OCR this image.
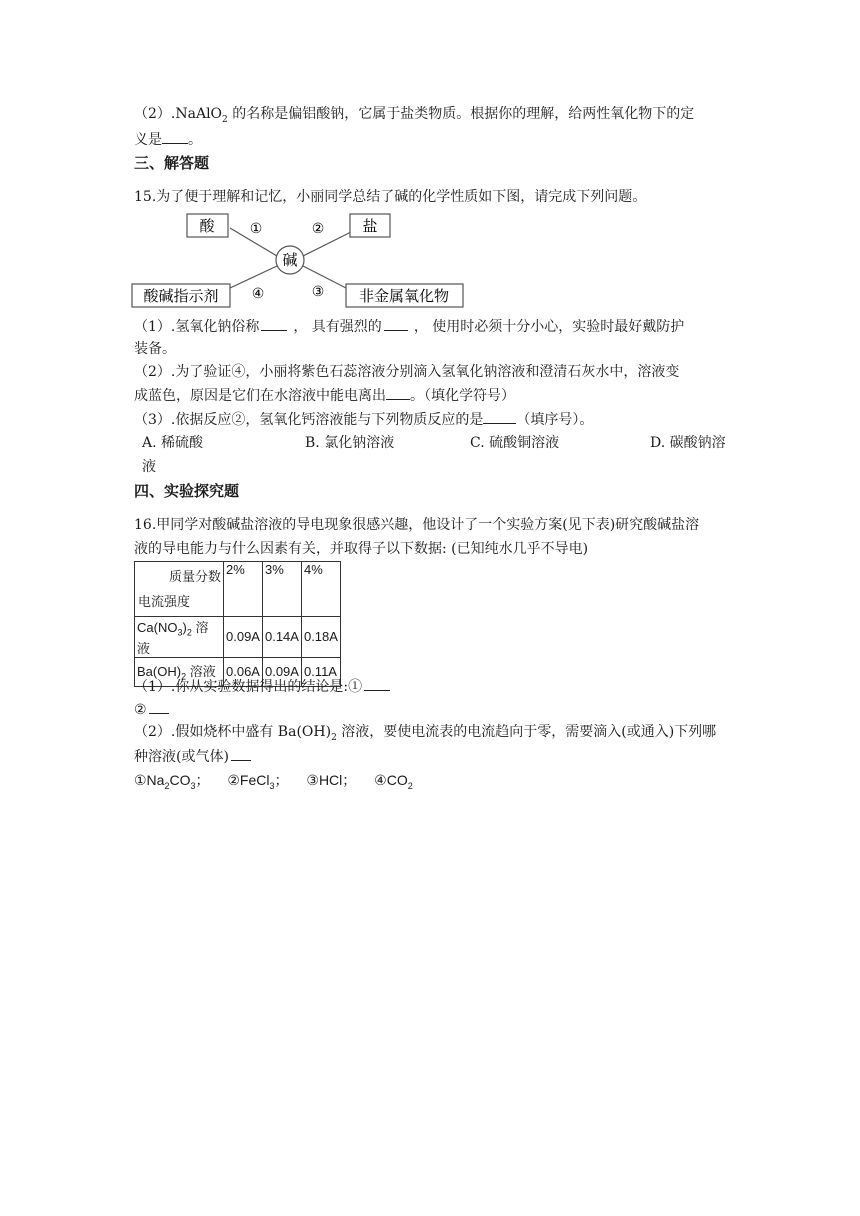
（2）.NaAlO$_2$ 的名称是偏铝酸钠，它属于盐类物质。根据你的理解，给两性氧化物下的定
义是 。
三、解答题
15.为了便于理解和记忆，小丽同学总结了碱的化学性质如下图，请完成下列问题。
碱
酸	盐
酸碱指示剂	非金属氧化物
①	②
④	③
（1）.氢氧化钠俗称 ， 具有强烈的 ， 使用时必须十分小心，实验时最好戴防护
装备。
（2）.为了验证④，小丽将紫色石蕊溶液分别滴入氢氧化钠溶液和澄清石灰水中，溶液变
成蓝色，原因是它们在水溶液中能电离出 。（填化学符号）
（3）.依据反应②，氢氧化钙溶液能与下列物质反应的是 （填序号）。
A. 稀硫酸	B. 氯化钠溶液	C. 硫酸铜溶液	D. 碳酸钠溶
液
四、实验探究题
16.甲同学对酸碱盐溶液的导电现象很感兴趣，他设计了一个实验方案(见下表)研究酸碱盐溶
液的导电能力与什么因素有关，并取得子以下数据: (已知纯水几乎不导电)
质量分数
电流强度	2%	3%	4%
$Ca(NO_3)_2$ 溶液	0.09A	0.14A	0.18A
$Ba(OH)_2$ 溶液	0.06A	0.09A	0.11A
（1）.你从实验数据得出的结论是:①
②
（2）.假如烧杯中盛有 $Ba(OH)_2$ 溶液，要使电流表的电流趋向于零，需要滴入(或通入)下列哪
种溶液(或气体)
$①Na_2CO_3$； ②FeCl$_3$； ③HCl； $④CO_2$
